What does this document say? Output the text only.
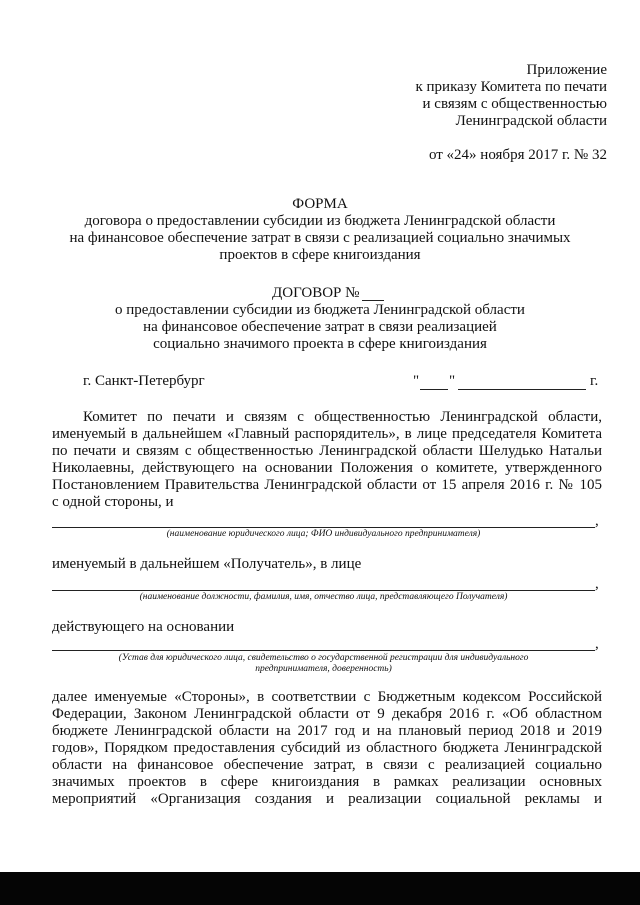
Приложение
к приказу Комитета по печати
и связям с общественностью
Ленинградской области
от «24» ноября 2017 г. № 32
ФОРМА
договора о предоставлении субсидии из бюджета Ленинградской области
на финансовое обеспечение затрат в связи с реализацией социально значимых
проектов в сфере книгоиздания
ДОГОВОР №
о предоставлении субсидии из бюджета Ленинградской области
на финансовое обеспечение затрат в связи реализацией
социально значимого проекта в сфере книгоиздания
г. Санкт-Петербург	" "	г.
Комитет по печати и связям с общественностью Ленинградской области,
именуемый в дальнейшем «Главный распорядитель», в лице председателя Комитета
по печати и связям с общественностью Ленинградской области Шелудько Натальи
Николаевны, действующего на основании Положения о комитете, утвержденного
Постановлением Правительства Ленинградской области от 15 апреля 2016 г. № 105
с одной стороны, и
,
(наименование юридического лица; ФИО индивидуального предпринимателя)
именуемый в дальнейшем «Получатель», в лице
,
(наименование должности, фамилия, имя, отчество лица, представляющего Получателя)
действующего на основании
,
(Устав для юридического лица, свидетельство о государственной регистрации для индивидуального
предпринимателя, доверенность)
далее именуемые «Стороны», в соответствии с Бюджетным кодексом Российской
Федерации, Законом Ленинградской области от 9 декабря 2016 г. «Об областном
бюджете Ленинградской области на 2017 год и на плановый период 2018 и 2019
годов», Порядком предоставления субсидий из областного бюджета Ленинградской
области на финансовое обеспечение затрат, в связи с реализацией социально
значимых проектов в сфере книгоиздания в рамках реализации основных
мероприятий «Организация создания и реализации социальной рекламы и
